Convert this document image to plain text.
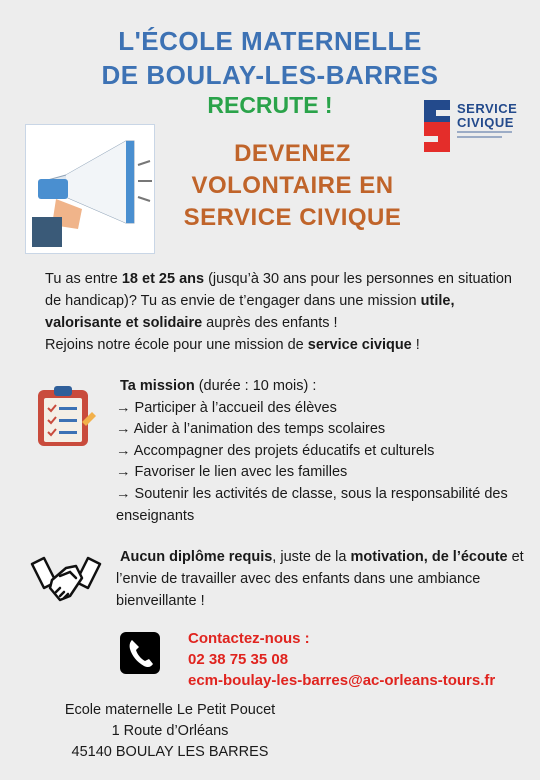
L'ÉCOLE MATERNELLE
DE BOULAY-LES-BARRES
RECRUTE !	SERVICE
CIVIQUE
DEVENEZ
VOLONTAIRE EN
SERVICE CIVIQUE
Tu as entre 18 et 25 ans (jusqu’à 30 ans pour les personnes en situation de handicap)? Tu as envie de t’engager dans une mission utile, valorisante et solidaire auprès des enfants !
Rejoins notre école pour une mission de service civique !
Ta mission (durée : 10 mois) :
→ Participer à l’accueil des élèves
→ Aider à l’animation des temps scolaires
→ Accompagner des projets éducatifs et culturels
→ Favoriser le lien avec les familles
→ Soutenir les activités de classe, sous la responsabilité des enseignants
Aucun diplôme requis, juste de la motivation, de l’écoute et l’envie de travailler avec des enfants dans une ambiance bienveillante !
Contactez-nous :
02 38 75 35 08
ecm-boulay-les-barres@ac-orleans-tours.fr
Ecole maternelle Le Petit Poucet
1 Route d’Orléans
45140 BOULAY LES BARRES
